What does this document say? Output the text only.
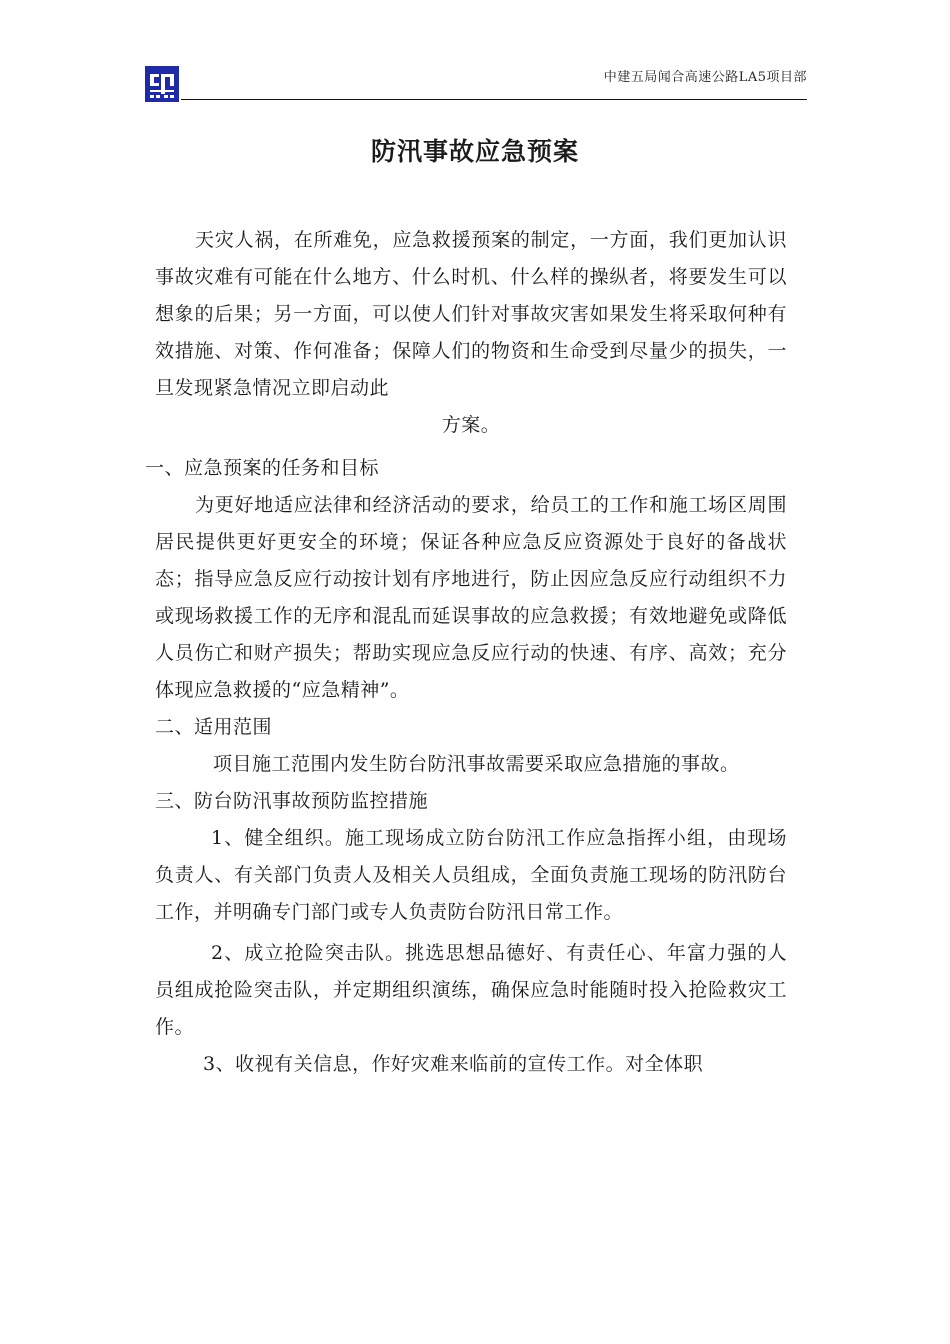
中建五局闻合高速公路LA5项目部
防汛事故应急预案

天灾人祸，在所难免，应急救援预案的制定，一方面，我们更加认识事故灾难有可能在什么地方、什么时机、什么样的操纵者，将要发生可以想象的后果；另一方面，可以使人们针对事故灾害如果发生将采取何种有效措施、对策、作何准备；保障人们的物资和生命受到尽量少的损失，一旦发现紧急情况立即启动此

方案。

一、应急预案的任务和目标

为更好地适应法律和经济活动的要求，给员工的工作和施工场区周围居民提供更好更安全的环境；保证各种应急反应资源处于良好的备战状态；指导应急反应行动按计划有序地进行，防止因应急反应行动组织不力或现场救援工作的无序和混乱而延误事故的应急救援；有效地避免或降低人员伤亡和财产损失；帮助实现应急反应行动的快速、有序、高效；充分体现应急救援的“应急精神”。

二、适用范围

项目施工范围内发生防台防汛事故需要采取应急措施的事故。

三、防台防汛事故预防监控措施

1、健全组织。施工现场成立防台防汛工作应急指挥小组，由现场负责人、有关部门负责人及相关人员组成，全面负责施工现场的防汛防台工作，并明确专门部门或专人负责防台防汛日常工作。

2、成立抢险突击队。挑选思想品德好、有责任心、年富力强的人员组成抢险突击队，并定期组织演练，确保应急时能随时投入抢险救灾工作。

3、收视有关信息，作好灾难来临前的宣传工作。对全体职
